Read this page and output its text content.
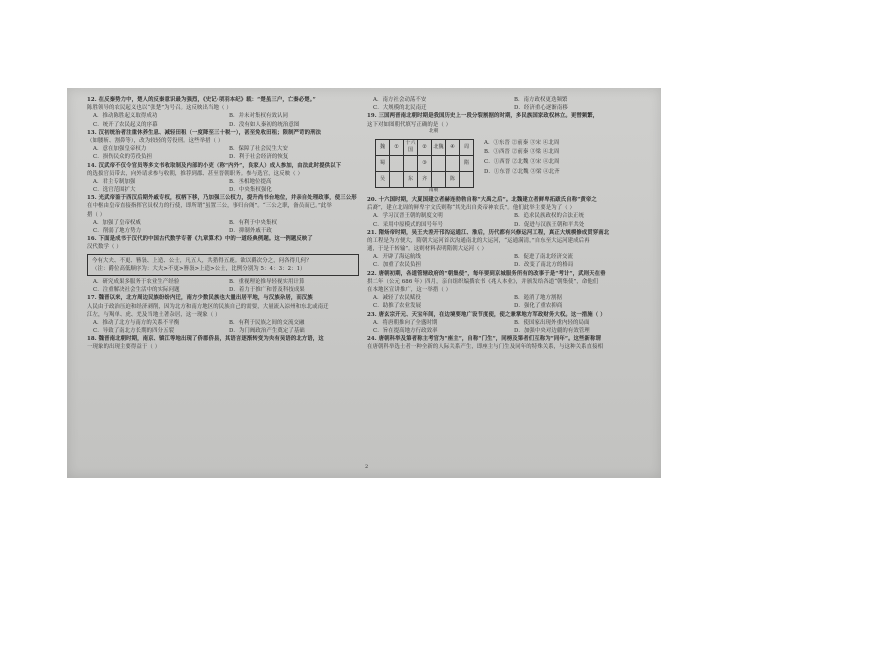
12. 在反秦势力中，楚人的反秦意识最为强烈，《史记·项羽本纪》载：“楚虽三户，亡秦必楚。”
陈胜领导的农民起义也以“张楚”为号召。这反映出当地（ ）
A．推动陈胜起义取得成功	B．并未对集权有效认同
C．统开了农民起义的序幕	D．没有如人秦初的统治意图
13. 汉初统治者注重休养生息、减轻田租（一度降至三十税一），甚至免收田租；限制严苛的刑法
（如腰斩、割鼻等），改为较轻的劳役刑。这些举措（ ）
A．意在加强皇帝权力	B．保障了社会民生大安
C．损伤民众的劳役负担	D．利于社会经济的恢复
14. 汉武帝不仅令官员等多文书收取制及内部的小吏（称“内外”，良家人）成人参加，由法此时提供以下
的选拔官员带去，向外请求参与收朝，推荐到郡、甚至晋朝职务。参与选官，这反映（ ）
A．君主专制加强	B．丞相地位提高
C．选官范围扩大	D．中央集权强化
15. 光武帝鉴于西汉后期外戚专权，权柄下移，乃加强三公权力，提升尚书台地位，并亲自处理政事，使三公形
在中枢由皇帝直接指挥官员权力的行使，即所谓“虽置三公，事归台阁”。“三公之职，备员而已。”此举
措（ ）
A．加强了皇帝权威	B．有利于中央集权
C．削弱了地方势力	D．抑制外戚干政
16. 下面是成书于汉代的中国古代数学专著《九章算术》中的一道经典例题。这一例题反映了
汉代数学（ ）
今有大夫、不更、簪袅、上造、公士，凡五人，共猎得五鹿。欲以爵次分之，问各得几何？
（注：爵位高低顺序为：大夫>不更>簪袅>上造>公士，比例分别为 5：4：3：2：1）
A．研究成果多服务于农业生产经验	B．重视理论推导轻视实用计算
C．注重解决社会生活中的实际问题	D．着力于推广和普及科技成果
17. 魏晋以来，北方周边民族纷纷内迁，南方少数民族也大量出居平地，与汉族杂居，而汉族
人民由于政治压迫和经济剥削，因为北方和南方地区的民族自己的需要，大量流入凉州和东北或南迁
江左，与羯单、虎、羌及当地土著杂居，这一现象（ ）
A．推动了北方与南方的关系不平衡	B．有利于民族之间的交流交融
C．导致了南北方长期的四分五裂	D．为门阀政治产生奠定了基础
18. 魏晋南北朝时期，南京、镇江等地出现了侨郡侨县，其语言逐渐转变为央有吴语的北方语，这
一现象的出现主要得益于（ ）
A．南方社会动荡不安	B．南方政权更迭频繁
C．大规模的北民南迁	D．经济重心逐渐南移
19. 三国两晋南北朝时期是我国历史上一段分裂割据的时期，多民族国家政权林立。更替频繁，
这下对如图朝代填写正确的是（ ）
北朝
魏	①	十六国	②	北魏	④	周
蜀			③			隋
吴		东	齐		陈	
A．①东晋 ②前秦 ③宋 ④北周
B．①西晋 ②前秦 ③梁 ④北周
C．①西晋 ②北魏 ③宋 ④北周
D．①东晋 ②北魏 ③梁 ④北齐
南朝
20. 十六国时期，大夏国建立者赫连勃勃自称“大禹之后”。北魏建立者鲜卑拓跋氏自称“黄帝之
后裔”，建立北周的鲜卑宇文氏则称“其先出自炎帝神农氏”。他们此举主要是为了（ ）
A．学习汉晋王朝的制度文明	B．追求民族政权的合法正统
C．采用中原模式的国号年号	D．促进与汉族王朝和平共处
21. 隋炀帝时期，吴王夫差开邗沟运通江、淮后，历代都有兴修运河工程，真正大规模修成贯穿南北
的工程是为方便大，隋朝大运河首次沟通南北的大运河，“运通满清，”自东至大运河建成后再
通，于是千转输”。这则材料表明隋朝大运河（ ）
A．开辟了海运航线	B．促进了南北经济交流
C．加重了农民负担	D．改变了南北方的格局
22. 唐朝初期，各道管辖政府的“朝集使”，每年要到京城服务所有的改事于是“考计”，武则天在垂
拱二年（公元 686 年）四月，亲自组织编撰农书《兆人本业》，并颁发给各道“朝集使”，命他们
在本地区宣讲推广，这一举措（ ）
A．减轻了农民赋役	B．遏消了地方割据
C．助推了农业发展	D．强化了重农抑商
23. 唐玄宗开元、天宝年间，在边境要地广设节度使，使之兼掌地方军政财务大权。这一措施（ ）
A．将唐朝推向了全盛时期	B．使国家出现外重内轻的局面
C．旨在提高地方行政效率	D．加强中央对边疆的有效管理
24. 唐朝科举及第者称主考官为“座主”，自称“门生”，同榜及第者们互称为“同年”。这些新称谓
在唐朝科举选士者一种全新的人际关系产生，即座主与门生及同年的特殊关系，与这种关系直接相
2
